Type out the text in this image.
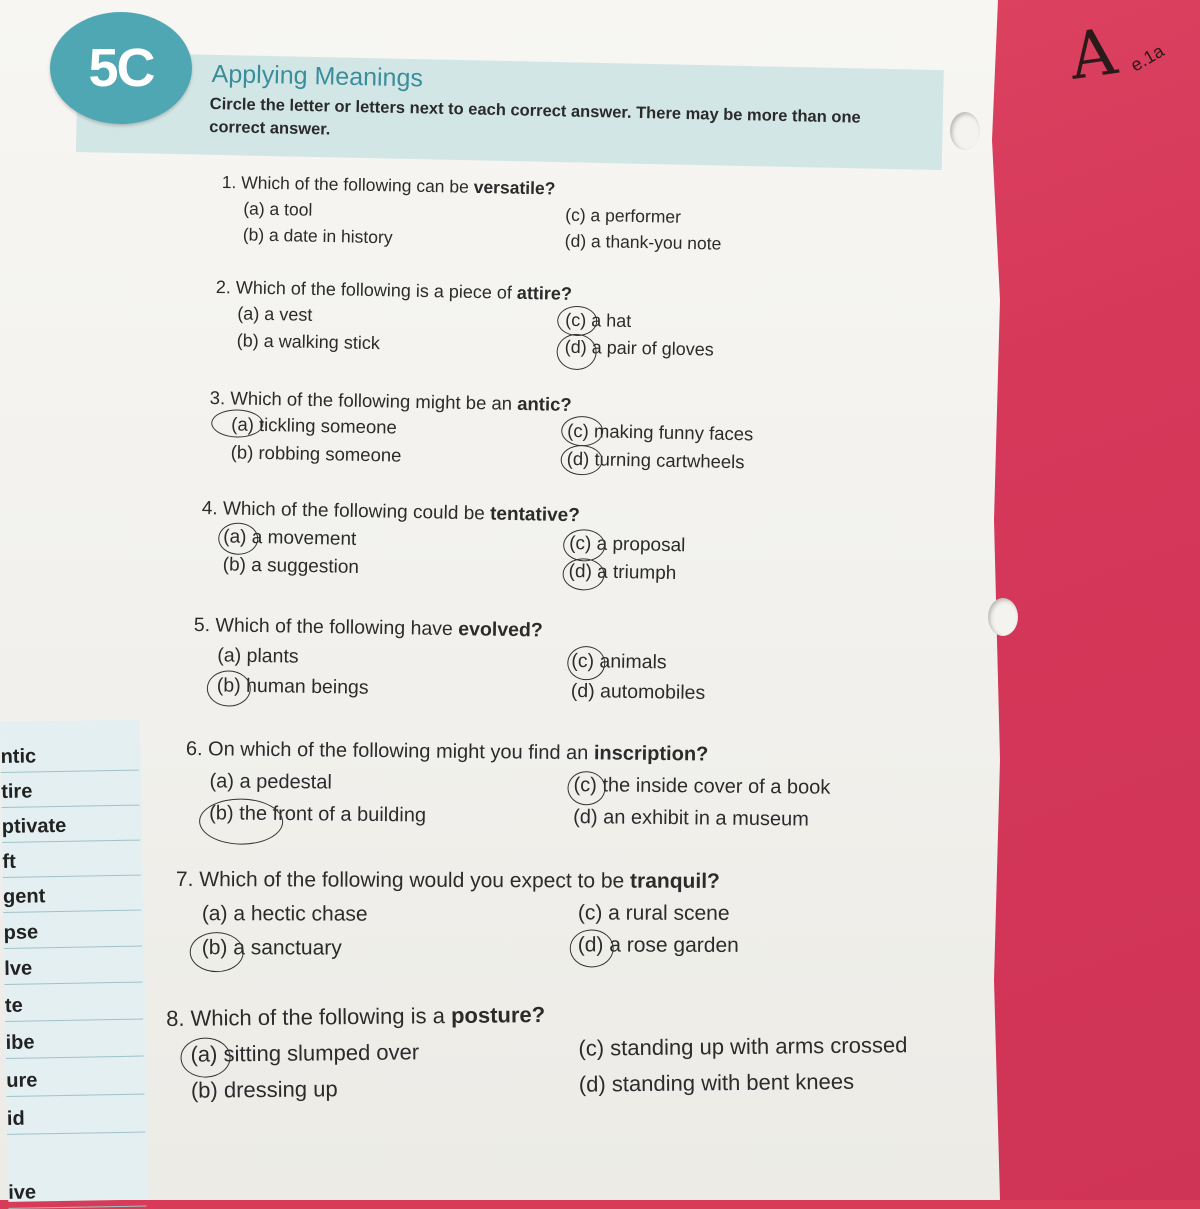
5C	Applying Meanings
Circle the letter or letters next to each correct answer. There may be more than one correct answer.
1. Which of the following can be versatile?
(a) a tool
(b) a date in history
(c) a performer
(d) a thank-you note
2. Which of the following is a piece of attire?
(a) a vest
(b) a walking stick
(c) a hat
(d) a pair of gloves
3. Which of the following might be an antic?
(a) tickling someone
(b) robbing someone
(c) making funny faces
(d) turning cartwheels
4. Which of the following could be tentative?
(a) a movement
(b) a suggestion
(c) a proposal
(d) a triumph
5. Which of the following have evolved?
(a) plants
(b) human beings
(c) animals
(d) automobiles
6. On which of the following might you find an inscription?
(a) a pedestal
(b) the front of a building
(c) the inside cover of a book
(d) an exhibit in a museum
7. Which of the following would you expect to be tranquil?
(a) a hectic chase
(b) a sanctuary
(c) a rural scene
(d) a rose garden
8. Which of the following is a posture?
(a) sitting slumped over
(b) dressing up
(c) standing up with arms crossed
(d) standing with bent knees
ntic
tire
ptivate
ft
gent
pse
lve
te
ibe
ure
id
ive
A e.1a
